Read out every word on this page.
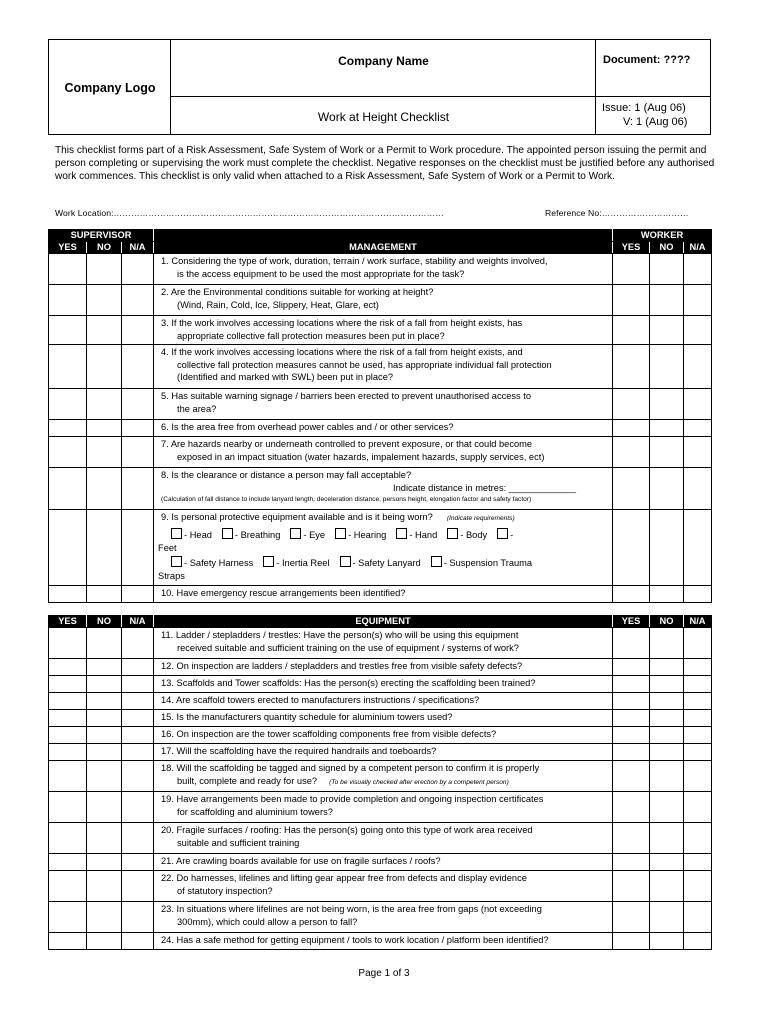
Company Logo
Company Name
Work at Height Checklist
Document: ????
Issue: 1 (Aug 06)
V: 1 (Aug 06)
This checklist forms part of a Risk Assessment, Safe System of Work or a Permit to Work procedure. The appointed person issuing the permit and person completing or supervising the work must complete the checklist. Negative responses on the checklist must be justified before any authorised work commences. This checklist is only valid when attached to a Risk Assessment, Safe System of Work or a Permit to Work.
Work Location:……………………………………………………………………………………………………	Reference No:…………………………
SUPERVISOR				WORKER		
YES	NO	N/A	MANAGEMENT	YES	NO	N/A

			1. Considering the type of work, duration, terrain / work surface, stability and weights involved,
is the access equipment to be used the most appropriate for the task?			

			2. Are the Environmental conditions suitable for working at height?
(Wind, Rain, Cold, Ice, Slippery, Heat, Glare, ect)			

			3. If the work involves accessing locations where the risk of a fall from height exists, has
appropriate collective fall protection measures been put in place?			

			4. If the work involves accessing locations where the risk of a fall from height exists, and
collective fall protection measures cannot be used, has appropriate individual fall protection
(Identified and marked with SWL) been put in place?			

			5. Has suitable warning signage / barriers been erected to prevent unauthorised access to
the area?			

			6. Is the area free from overhead power cables and / or other services?			

			7. Are hazards nearby or underneath controlled to prevent exposure, or that could become
exposed in an impact situation (water hazards, impalement hazards, supply services, ect)			

			8. Is the clearance or distance a person may fall acceptable?
Indicate distance in metres: _____________
(Calculation of fall distance to include lanyard length, deceleration distance, persons height, elongation factor and safety factor)			

			9. Is personal protective equipment available and is it being worn? (Indicate requirements)
- Head - Breathing - Eye - Hearing - Hand - Body -
Feet
- Safety Harness - Inertia Reel - Safety Lanyard - Suspension Trauma
Straps			

			10. Have emergency rescue arrangements been identified?			

YES	NO	N/A	EQUIPMENT	YES	NO	N/A

			11. Ladder / stepladders / trestles: Have the person(s) who will be using this equipment
received suitable and sufficient training on the use of equipment / systems of work?			

			12. On inspection are ladders / stepladders and trestles free from visible safety defects?			

			13. Scaffolds and Tower scaffolds: Has the person(s) erecting the scaffolding been trained?			

			14. Are scaffold towers erected to manufacturers instructions / specifications?			

			15. Is the manufacturers quantity schedule for aluminium towers used?			

			16. On inspection are the tower scaffolding components free from visible defects?			

			17. Will the scaffolding have the required handrails and toeboards?			

			18. Will the scaffolding be tagged and signed by a competent person to confirm it is properly
built, complete and ready for use? (To be visually checked after erection by a competent person)			

			19. Have arrangements been made to provide completion and ongoing inspection certificates
for scaffolding and aluminium towers?			

			20. Fragile surfaces / roofing: Has the person(s) going onto this type of work area received
suitable and sufficient training			

			21. Are crawling boards available for use on fragile surfaces / roofs?			

			22. Do harnesses, lifelines and lifting gear appear free from defects and display evidence
of statutory inspection?			

			23. In situations where lifelines are not being worn, is the area free from gaps (not exceeding
300mm), which could allow a person to fall?			

			24. Has a safe method for getting equipment / tools to work location / platform been identified?			

Page 1 of 3
